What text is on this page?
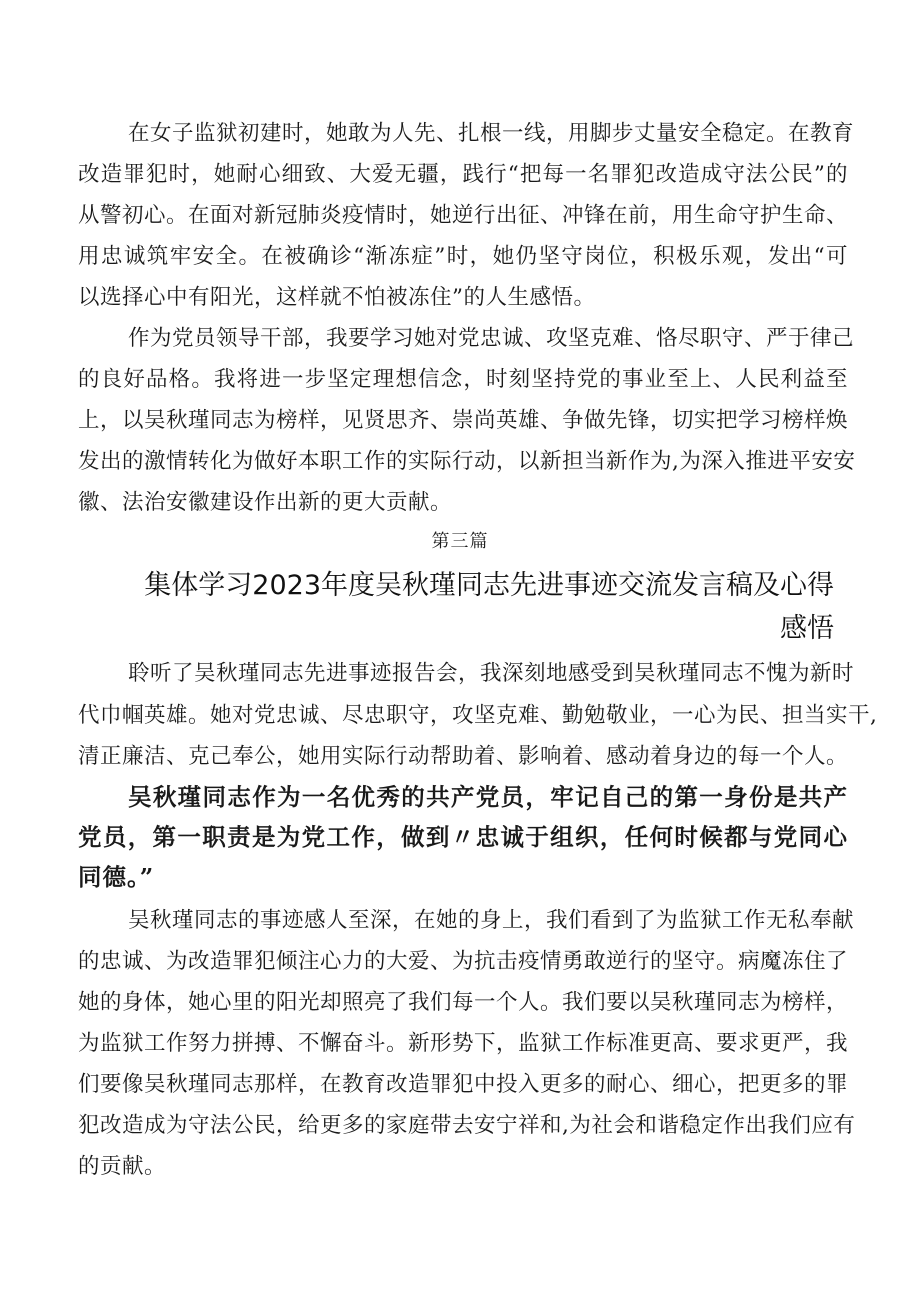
在女子监狱初建时，她敢为人先、扎根一线，用脚步丈量安全稳定。在教育

改造罪犯时，她耐心细致、大爱无疆，践行“把每一名罪犯改造成守法公民”的

从警初心。在面对新冠肺炎疫情时，她逆行出征、冲锋在前，用生命守护生命、

用忠诚筑牢安全。在被确诊“渐冻症”时，她仍坚守岗位，积极乐观，发出“可

以选择心中有阳光，这样就不怕被冻住”的人生感悟。

作为党员领导干部，我要学习她对党忠诚、攻坚克难、恪尽职守、严于律己

的良好品格。我将进一步坚定理想信念，时刻坚持党的事业至上、人民利益至

上，以吴秋瑾同志为榜样，见贤思齐、崇尚英雄、争做先锋，切实把学习榜样焕

发出的激情转化为做好本职工作的实际行动，以新担当新作为,为深入推进平安安

徽、法治安徽建设作出新的更大贡献。

第三篇

集体学习2023年度吴秋瑾同志先进事迹交流发言稿及心得
感悟

聆听了吴秋瑾同志先进事迹报告会，我深刻地感受到吴秋瑾同志不愧为新时

代巾帼英雄。她对党忠诚、尽忠职守，攻坚克难、勤勉敬业，一心为民、担当实干,

清正廉洁、克己奉公，她用实际行动帮助着、影响着、感动着身边的每一个人。

吴秋瑾同志作为一名优秀的共产党员，牢记自己的第一身份是共产

党员，第一职责是为党工作，做到〃忠诚于组织，任何时候都与党同心

同德。”

吴秋瑾同志的事迹感人至深，在她的身上，我们看到了为监狱工作无私奉献

的忠诚、为改造罪犯倾注心力的大爱、为抗击疫情勇敢逆行的坚守。病魔冻住了

她的身体，她心里的阳光却照亮了我们每一个人。我们要以吴秋瑾同志为榜样，

为监狱工作努力拼搏、不懈奋斗。新形势下，监狱工作标准更高、要求更严，我

们要像吴秋瑾同志那样，在教育改造罪犯中投入更多的耐心、细心，把更多的罪

犯改造成为守法公民，给更多的家庭带去安宁祥和,为社会和谐稳定作出我们应有

的贡献。
